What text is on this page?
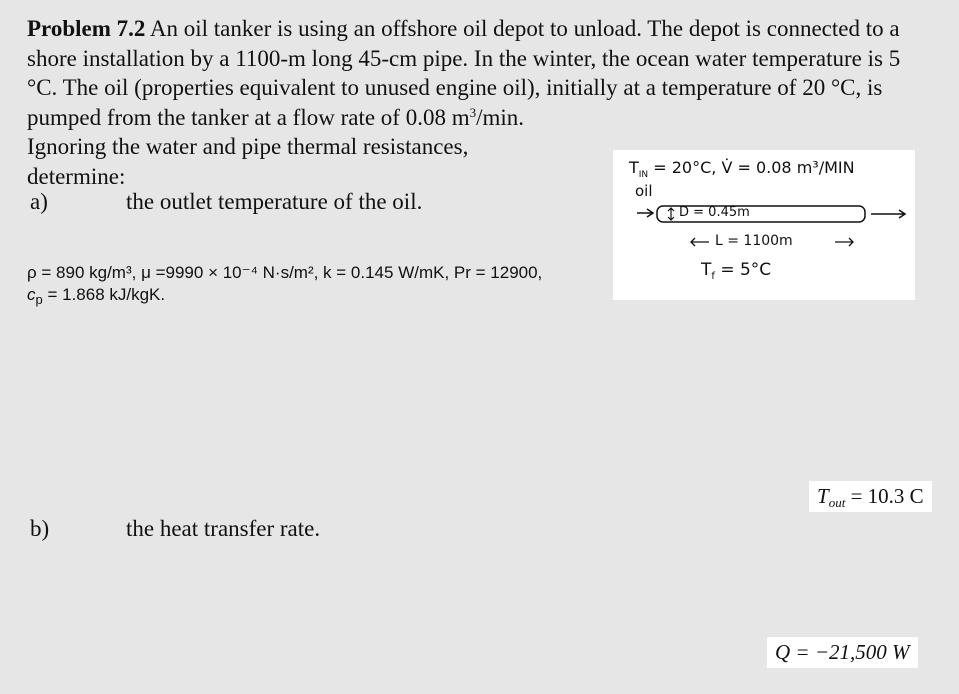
Problem 7.2 An oil tanker is using an offshore oil depot to unload. The depot is connected to a shore installation by a 1100-m long 45-cm pipe. In the winter, the ocean water temperature is 5 °C. The oil (properties equivalent to unused engine oil), initially at a temperature of 20 °C, is pumped from the tanker at a flow rate of 0.08 $m^3/\min$.
Ignoring the water and pipe thermal resistances,
determine:
a)	the outlet temperature of the oil.
ρ = 890 kg/m³, μ =9990 × 10⁻⁴ N·s/m², k = 0.145 W/mK, Pr = 12900,
$c_p = 1.868$ kJ/kgK.
$T_{IN} = 20^\circ C$, V̇ = 0.08 m³/MIN
oil
D = 0.45m
L = 1100m
$T_f = 5^\circ C$
$T_{out} = 10.3$ C
b)	the heat transfer rate.
Q = −21,500 W
